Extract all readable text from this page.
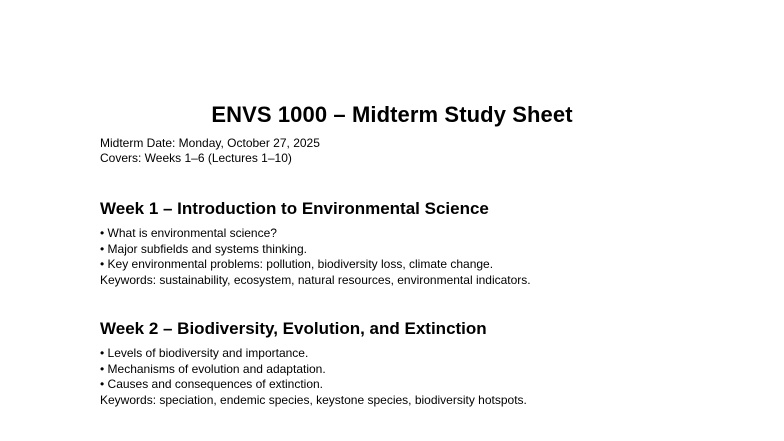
ENVS 1000 – Midterm Study Sheet
Midterm Date: Monday, October 27, 2025
Covers: Weeks 1–6 (Lectures 1–10)
Week 1 – Introduction to Environmental Science
• What is environmental science?
• Major subfields and systems thinking.
• Key environmental problems: pollution, biodiversity loss, climate change.
Keywords: sustainability, ecosystem, natural resources, environmental indicators.
Week 2 – Biodiversity, Evolution, and Extinction
• Levels of biodiversity and importance.
• Mechanisms of evolution and adaptation.
• Causes and consequences of extinction.
Keywords: speciation, endemic species, keystone species, biodiversity hotspots.
